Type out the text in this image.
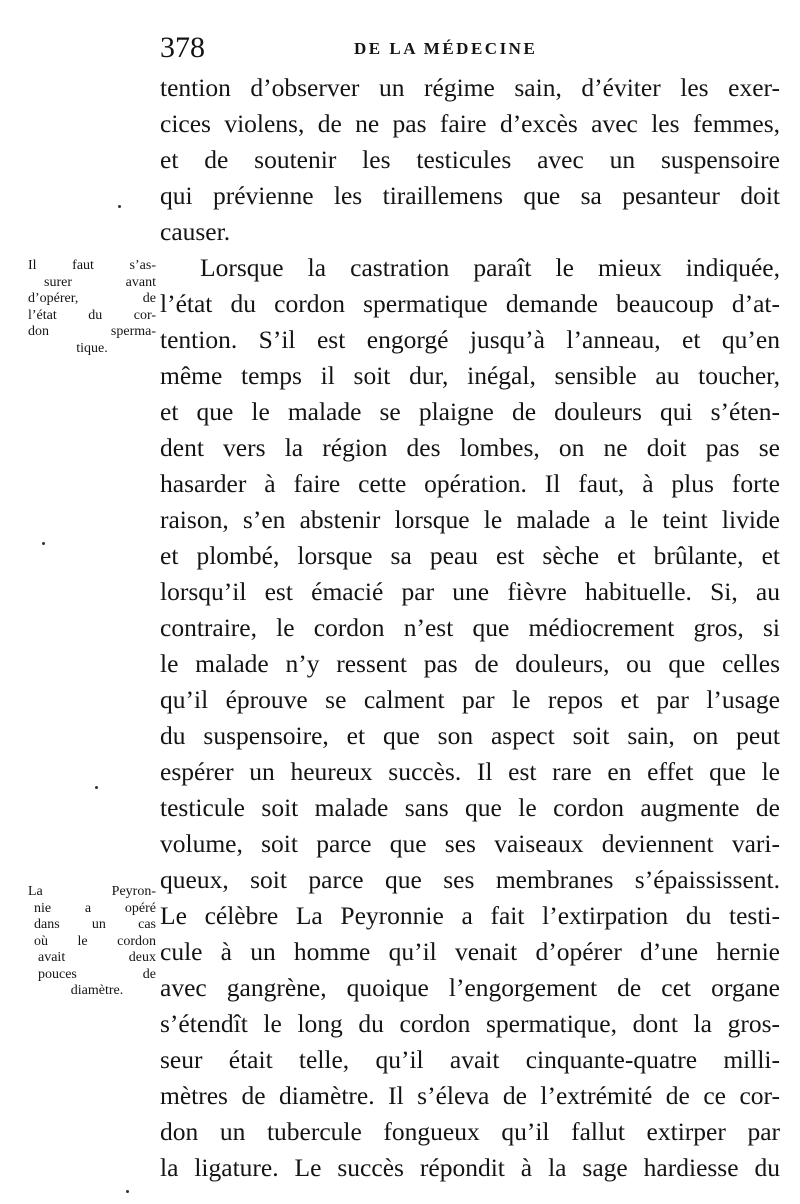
378	DE LA MÉDECINE
Il faut s’as-
surer avant
d’opérer, de
l’état du cor-
don sperma-
tique.
La Peyron-
nie a opéré
dans un cas
où le cordon
avait deux
pouces de
diamètre.
tention d’observer un régime sain, d’éviter les exer-
cices violens, de ne pas faire d’excès avec les femmes,
et de soutenir les testicules avec un suspensoire
qui prévienne les tiraillemens que sa pesanteur doit
causer.
Lorsque la castration paraît le mieux indiquée,
l’état du cordon spermatique demande beaucoup d’at-
tention. S’il est engorgé jusqu’à l’anneau, et qu’en
même temps il soit dur, inégal, sensible au toucher,
et que le malade se plaigne de douleurs qui s’éten-
dent vers la région des lombes, on ne doit pas se
hasarder à faire cette opération. Il faut, à plus forte
raison, s’en abstenir lorsque le malade a le teint livide
et plombé, lorsque sa peau est sèche et brûlante, et
lorsqu’il est émacié par une fièvre habituelle. Si, au
contraire, le cordon n’est que médiocrement gros, si
le malade n’y ressent pas de douleurs, ou que celles
qu’il éprouve se calment par le repos et par l’usage
du suspensoire, et que son aspect soit sain, on peut
espérer un heureux succès. Il est rare en effet que le
testicule soit malade sans que le cordon augmente de
volume, soit parce que ses vaiseaux deviennent vari-
queux, soit parce que ses membranes s’épaississent.
Le célèbre La Peyronnie a fait l’extirpation du testi-
cule à un homme qu’il venait d’opérer d’une hernie
avec gangrène, quoique l’engorgement de cet organe
s’étendît le long du cordon spermatique, dont la gros-
seur était telle, qu’il avait cinquante-quatre milli-
mètres de diamètre. Il s’éleva de l’extrémité de ce cor-
don un tubercule fongueux qu’il fallut extirper par
la ligature. Le succès répondit à la sage hardiesse du
